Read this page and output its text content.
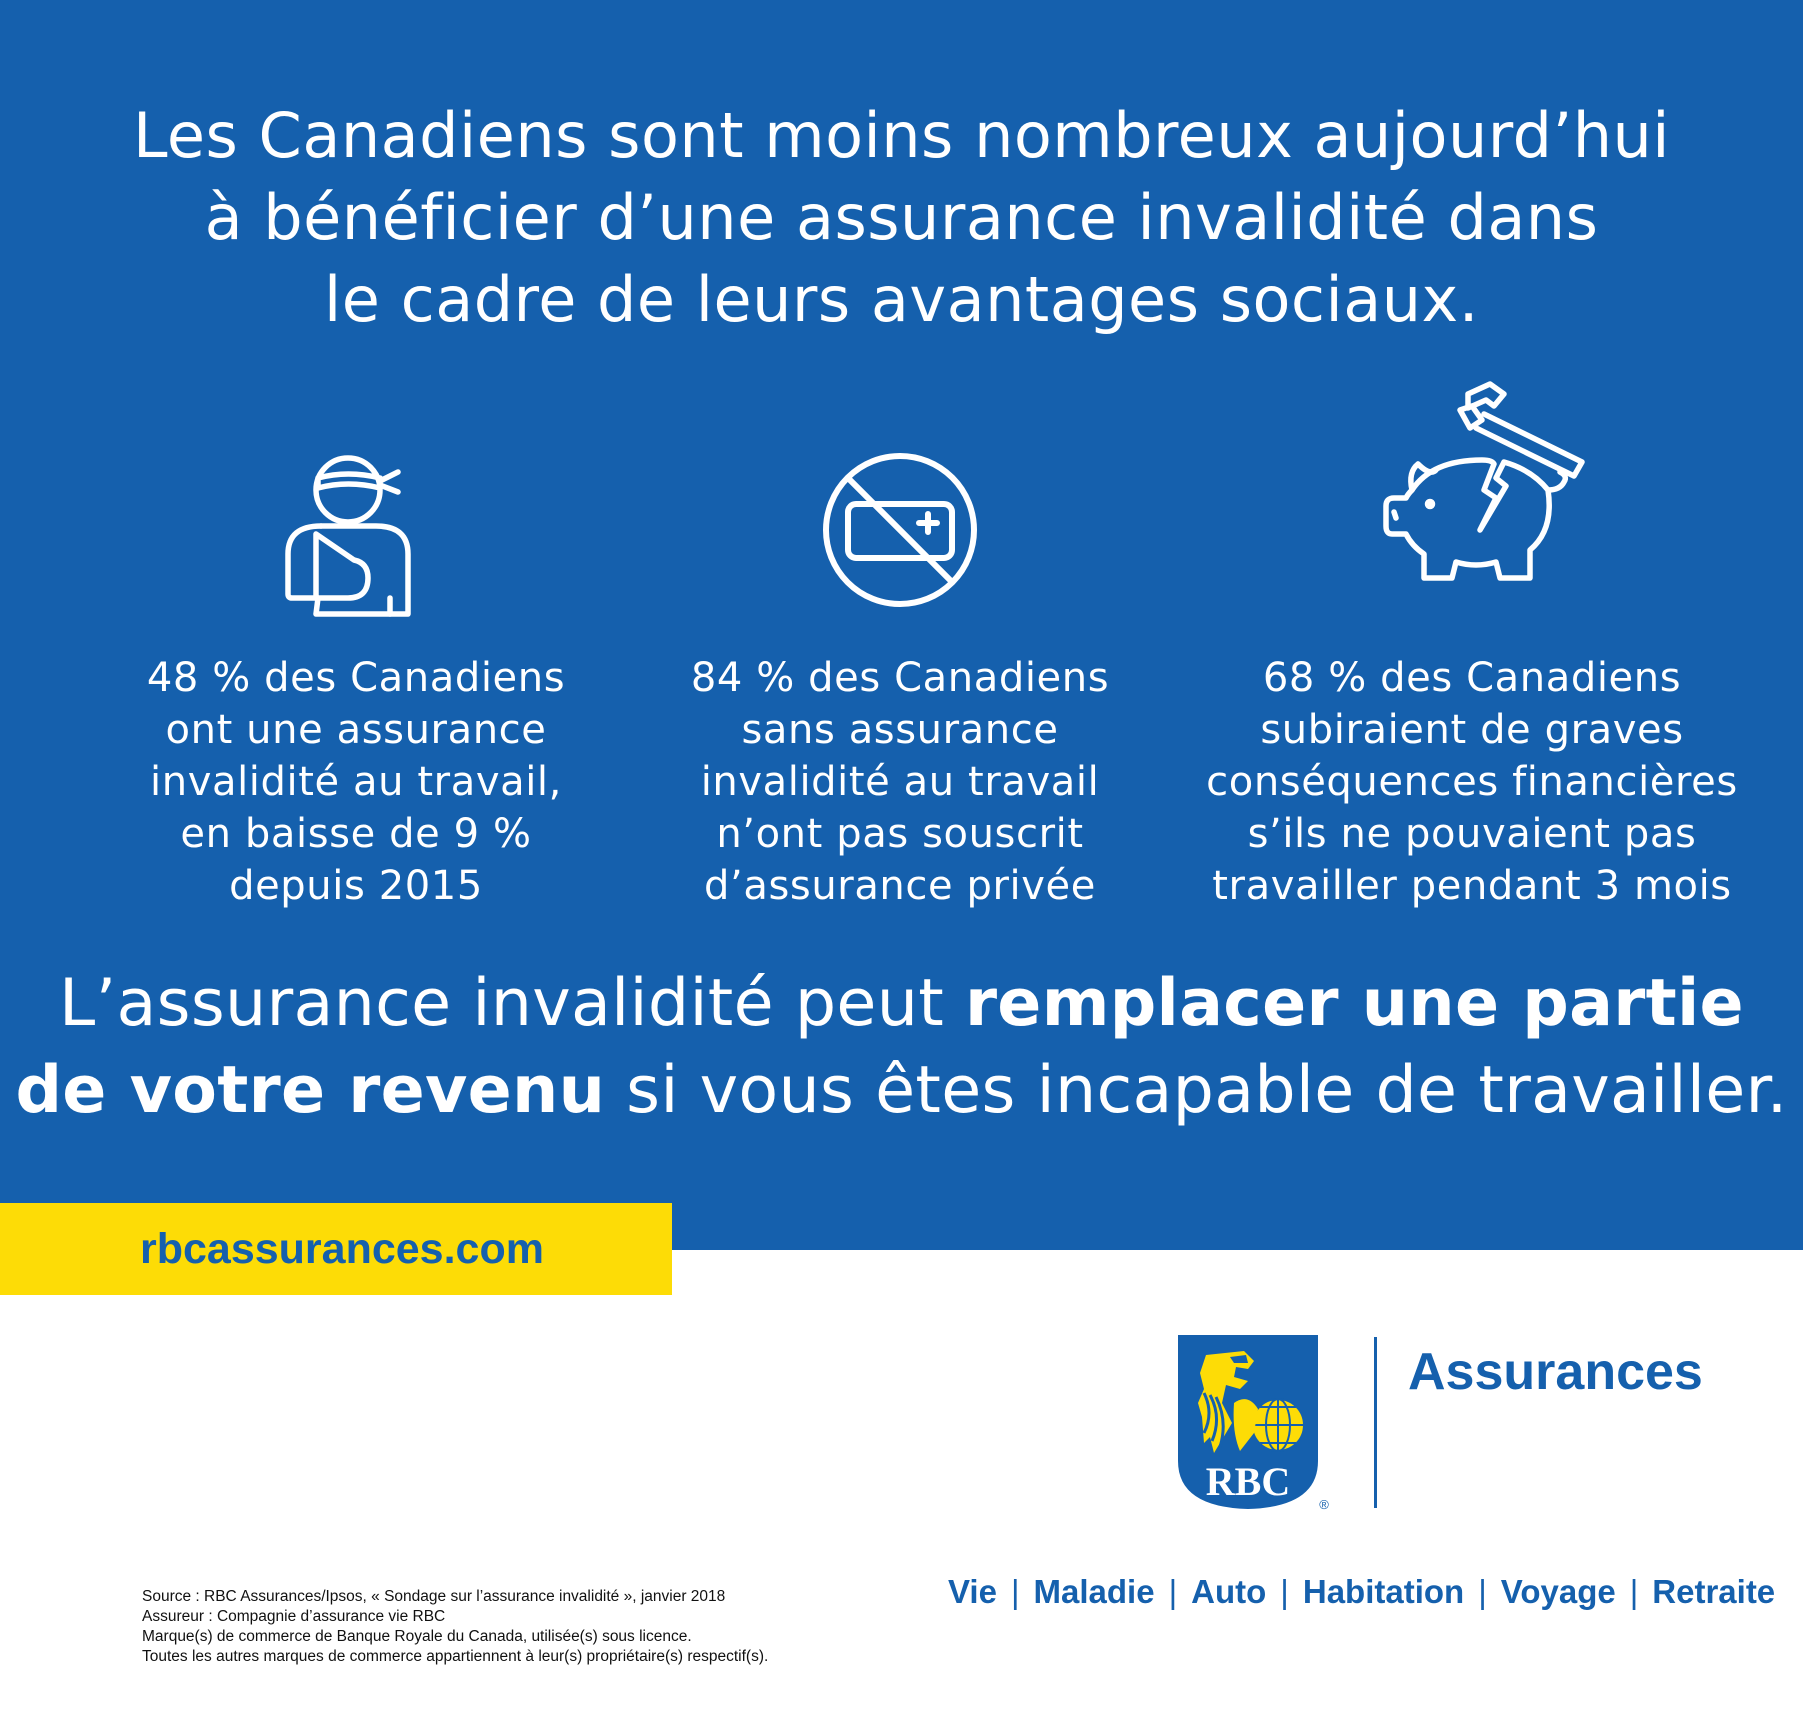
Les Canadiens sont moins nombreux aujourd’hui
à bénéficier d’une assurance invalidité dans
le cadre de leurs avantages sociaux.
48 % des Canadiens
ont une assurance
invalidité au travail,
en baisse de 9 %
depuis 2015
84 % des Canadiens
sans assurance
invalidité au travail
n’ont pas souscrit
d’assurance privée
68 % des Canadiens
subiraient de graves
conséquences financières
s’ils ne pouvaient pas
travailler pendant 3 mois
L’assurance invalidité peut remplacer une partie
de votre revenu si vous êtes incapable de travailler.
rbcassurances.com
RBC
®
Assurances
Vie | Maladie | Auto | Habitation | Voyage | Retraite
Source : RBC Assurances/Ipsos, « Sondage sur l’assurance invalidité », janvier 2018
Assureur : Compagnie d’assurance vie RBC
Marque(s) de commerce de Banque Royale du Canada, utilisée(s) sous licence.
Toutes les autres marques de commerce appartiennent à leur(s) propriétaire(s) respectif(s).
